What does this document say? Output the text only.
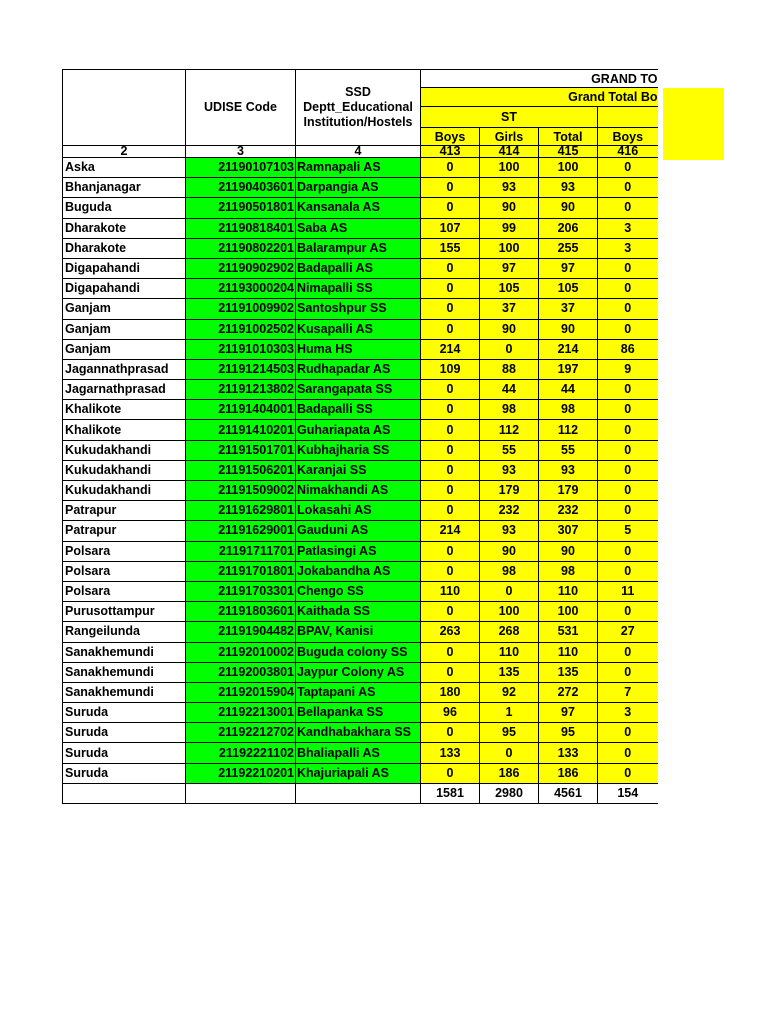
	UDISE Code	SSD Deptt_Educational Institution/Hostels	GRAND TO			
			Grand Total Bo			
			ST			
			Boys	Girls	Total	Boys
2	3	4	413	414	415	416
Aska	21190107103	Ramnapali AS	0	100	100	0
Bhanjanagar	21190403601	Darpangia AS	0	93	93	0
Buguda	21190501801	Kansanala AS	0	90	90	0
Dharakote	21190818401	Saba AS	107	99	206	3
Dharakote	21190802201	Balarampur AS	155	100	255	3
Digapahandi	21190902902	Badapalli AS	0	97	97	0
Digapahandi	21193000204	Nimapalli SS	0	105	105	0
Ganjam	21191009902	Santoshpur SS	0	37	37	0
Ganjam	21191002502	Kusapalli AS	0	90	90	0
Ganjam	21191010303	Huma HS	214	0	214	86
Jagannathprasad	21191214503	Rudhapadar AS	109	88	197	9
Jagarnathprasad	21191213802	Sarangapata SS	0	44	44	0
Khalikote	21191404001	Badapalli SS	0	98	98	0
Khalikote	21191410201	Guhariapata AS	0	112	112	0
Kukudakhandi	21191501701	Kubhajharia SS	0	55	55	0
Kukudakhandi	21191506201	Karanjai SS	0	93	93	0
Kukudakhandi	21191509002	Nimakhandi AS	0	179	179	0
Patrapur	21191629801	Lokasahi AS	0	232	232	0
Patrapur	21191629001	Gauduni AS	214	93	307	5
Polsara	21191711701	Patlasingi AS	0	90	90	0
Polsara	21191701801	Jokabandha AS	0	98	98	0
Polsara	21191703301	Chengo SS	110	0	110	11
Purusottampur	21191803601	Kaithada SS	0	100	100	0
Rangeilunda	21191904482	BPAV, Kanisi	263	268	531	27
Sanakhemundi	21192010002	Buguda colony SS	0	110	110	0
Sanakhemundi	21192003801	Jaypur Colony AS	0	135	135	0
Sanakhemundi	21192015904	Taptapani AS	180	92	272	7
Suruda	21192213001	Bellapanka SS	96	1	97	3
Suruda	21192212702	Kandhabakhara SS	0	95	95	0
Suruda	21192221102	Bhaliapalli AS	133	0	133	0
Suruda	21192210201	Khajuriapali AS	0	186	186	0
			1581	2980	4561	154
